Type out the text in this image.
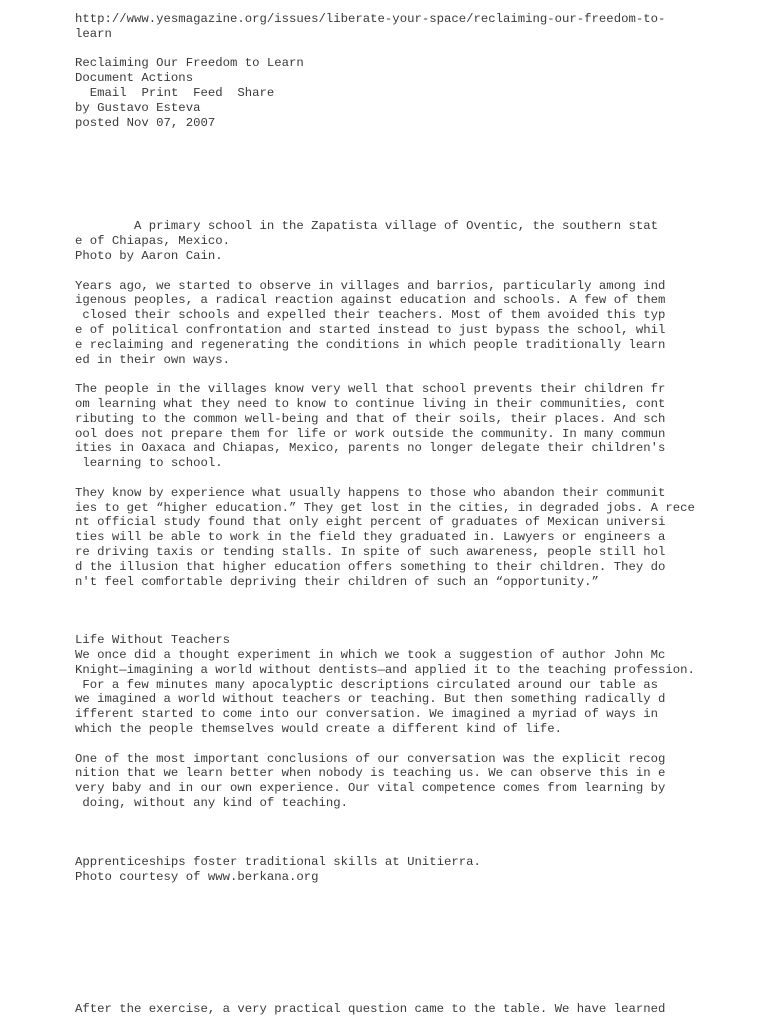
http://www.yesmagazine.org/issues/liberate-your-space/reclaiming-our-freedom-to-
learn
Reclaiming Our Freedom to Learn
Document Actions
Email Print Feed Share
by Gustavo Esteva
posted Nov 07, 2007
A primary school in the Zapatista village of Oventic, the southern stat
e of Chiapas, Mexico.
Photo by Aaron Cain.
Years ago, we started to observe in villages and barrios, particularly among ind
igenous peoples, a radical reaction against education and schools. A few of them
closed their schools and expelled their teachers. Most of them avoided this typ
e of political confrontation and started instead to just bypass the school, whil
e reclaiming and regenerating the conditions in which people traditionally learn
ed in their own ways.
The people in the villages know very well that school prevents their children fr
om learning what they need to know to continue living in their communities, cont
ributing to the common well-being and that of their soils, their places. And sch
ool does not prepare them for life or work outside the community. In many commun
ities in Oaxaca and Chiapas, Mexico, parents no longer delegate their children's
learning to school.
They know by experience what usually happens to those who abandon their communit
ies to get “higher education.” They get lost in the cities, in degraded jobs. A rece
nt official study found that only eight percent of graduates of Mexican universi
ties will be able to work in the field they graduated in. Lawyers or engineers a
re driving taxis or tending stalls. In spite of such awareness, people still hol
d the illusion that higher education offers something to their children. They do
n't feel comfortable depriving their children of such an “opportunity.”
Life Without Teachers
We once did a thought experiment in which we took a suggestion of author John Mc
Knight—imagining a world without dentists—and applied it to the teaching profession.
For a few minutes many apocalyptic descriptions circulated around our table as
we imagined a world without teachers or teaching. But then something radically d
ifferent started to come into our conversation. We imagined a myriad of ways in
which the people themselves would create a different kind of life.
One of the most important conclusions of our conversation was the explicit recog
nition that we learn better when nobody is teaching us. We can observe this in e
very baby and in our own experience. Our vital competence comes from learning by
doing, without any kind of teaching.
Apprenticeships foster traditional skills at Unitierra.
Photo courtesy of www.berkana.org
After the exercise, a very practical question came to the table. We have learned
